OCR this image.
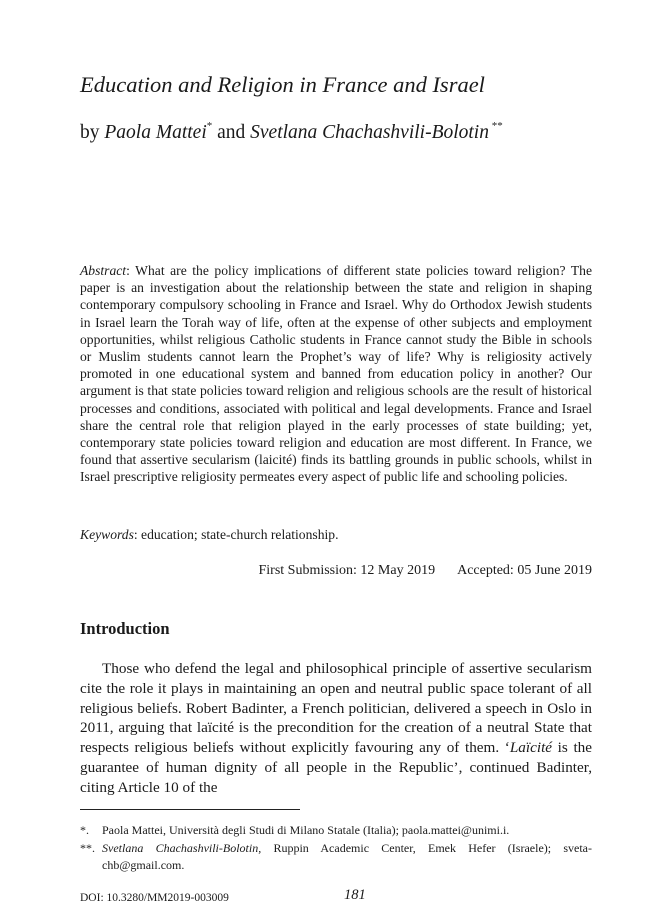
Education and Religion in France and Israel
by Paola Mattei* and Svetlana Chachashvili-Bolotin **

Abstract: What are the policy implications of different state policies toward religion? The paper is an investigation about the relationship between the state and religion in shaping contemporary compulsory schooling in France and Israel. Why do Orthodox Jewish students in Israel learn the Torah way of life, often at the expense of other subjects and employment opportunities, whilst religious Catholic students in France cannot study the Bible in schools or Muslim students cannot learn the Prophet’s way of life? Why is religiosity actively promoted in one educational system and banned from education policy in another? Our argument is that state policies toward religion and religious schools are the result of historical processes and conditions, associated with political and legal developments. France and Israel share the central role that religion played in the early processes of state building; yet, contemporary state policies toward religion and education are most different. In France, we found that assertive secularism (laicité) finds its battling grounds in public schools, whilst in Israel prescriptive religiosity permeates every aspect of public life and schooling policies.

Keywords: education; state-church relationship.
First Submission: 12 May 2019 Accepted: 05 June 2019
Introduction

Those who defend the legal and philosophical principle of assertive secularism cite the role it plays in maintaining an open and neutral public space tolerant of all religious beliefs. Robert Badinter, a French politician, delivered a speech in Oslo in 2011, arguing that laïcité is the precondition for the creation of a neutral State that respects religious beliefs without explicitly favouring any of them. ‘Laïcité is the guarantee of human dignity of all people in the Republic’, continued Badinter, citing Article 10 of the

*. Paola Mattei, Università degli Studi di Milano Statale (Italia); paola.mattei@unimi.i.
**. Svetlana Chachashvili-Bolotin, Ruppin Academic Center, Emek Hefer (Israele); sveta-chb@gmail.com.
DOI: 10.3280/MM2019-003009	181
